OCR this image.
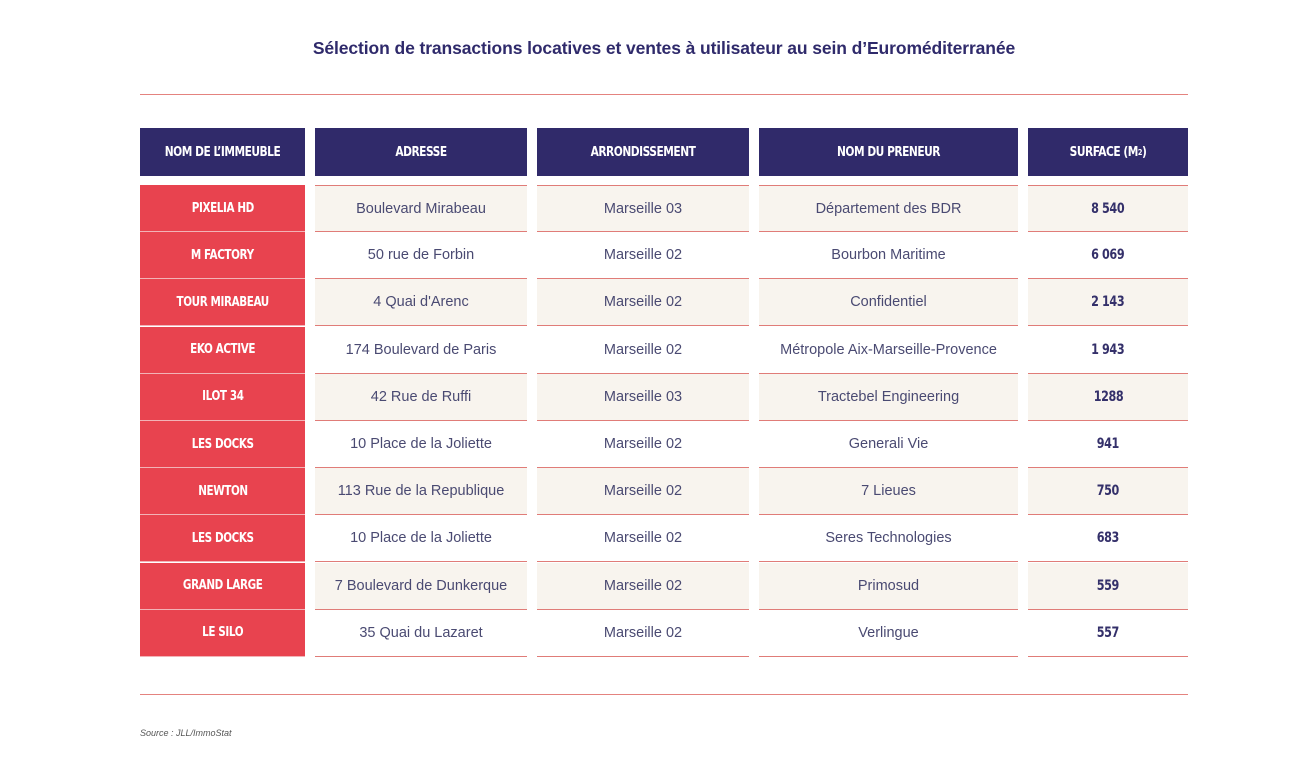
Sélection de transactions locatives et ventes à utilisateur au sein d’Euroméditerranée
NOM DE L’IMMEUBLE
PIXELIA HD
M FACTORY
TOUR MIRABEAU
EKO ACTIVE
ILOT 34
LES DOCKS
NEWTON
LES DOCKS
GRAND LARGE
LE SILO
ADRESSE
Boulevard Mirabeau
50 rue de Forbin
4 Quai d'Arenc
174 Boulevard de Paris
42 Rue de Ruffi
10 Place de la Joliette
113 Rue de la Republique
10 Place de la Joliette
7 Boulevard de Dunkerque
35 Quai du Lazaret
ARRONDISSEMENT
Marseille 03
Marseille 02
Marseille 02
Marseille 02
Marseille 03
Marseille 02
Marseille 02
Marseille 02
Marseille 02
Marseille 02
NOM DU PRENEUR
Département des BDR
Bourbon Maritime
Confidentiel
Métropole Aix-Marseille-Provence
Tractebel Engineering
Generali Vie
7 Lieues
Seres Technologies
Primosud
Verlingue
SURFACE (M 2 )
8 540
6 069
2 143
1 943
1288
941
750
683
559
557
Source : JLL/ImmoStat
